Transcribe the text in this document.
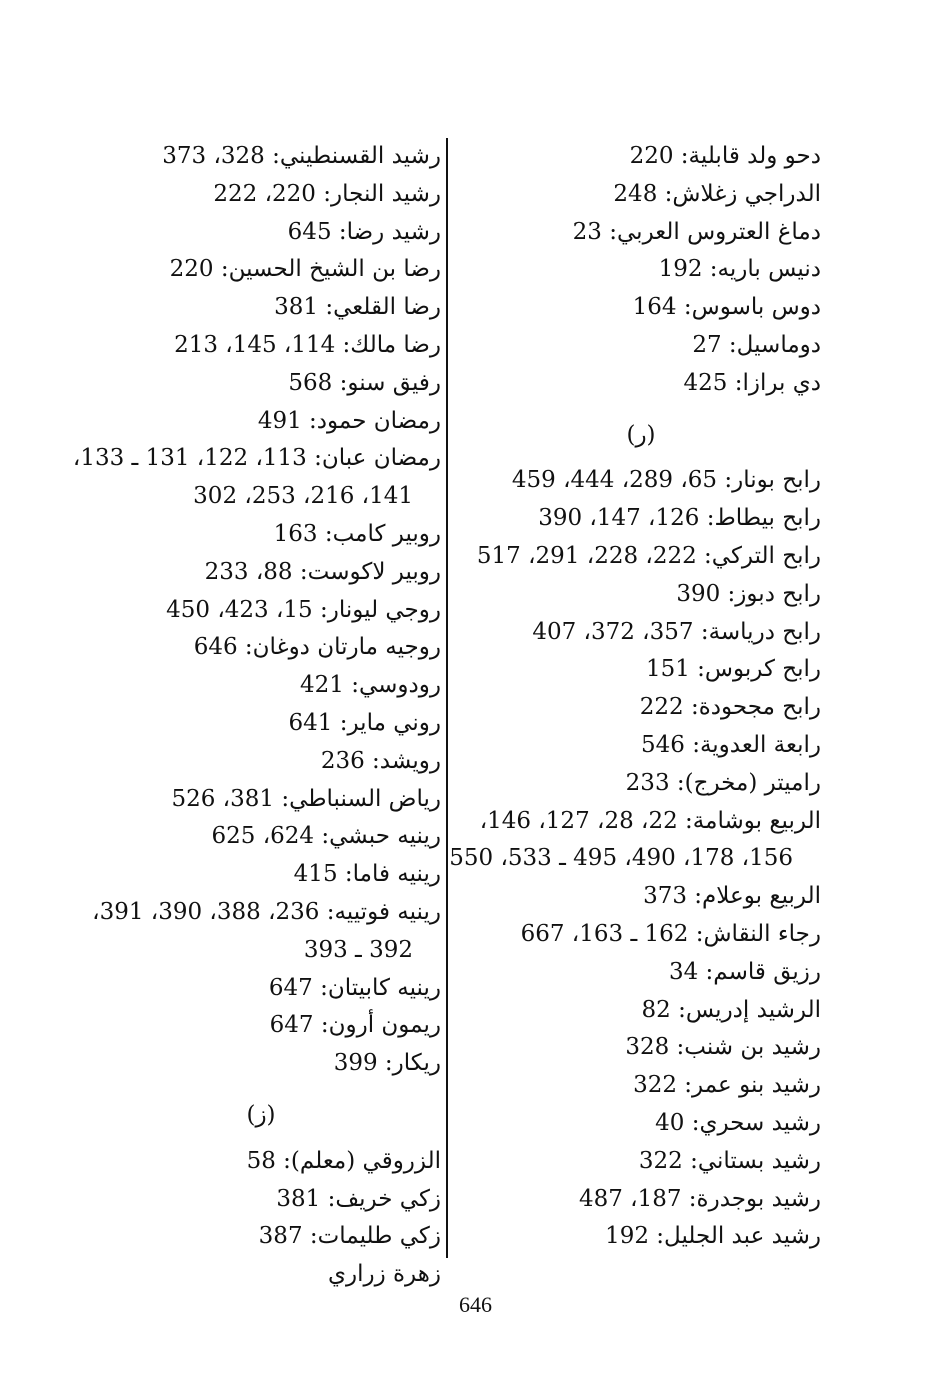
دحو ولد قابلية: 220
الدراجي زغلاش: 248
دماغ العتروس العربي: 23
دنيس باريه: 192
دوس باسوس: 164
دوماسيل: 27
دي برازا: 425
(ر)
رابح بونار: 65، 289، 444، 459
رابح بيطاط: 126، 147، 390
رابح التركي: 222، 228، 291، 517
رابح دبوز: 390
رابح درياسة: 357، 372، 407
رابح كربوس: 151
رابح مجحودة: 222
رابعة العدوية: 546
راميتر (مخرج): 233
الربيع بوشامة: 22، 28، 127، 146،
156، 178، 490، 495 ـ 533، 550
الربيع بوعلام: 373
رجاء النقاش: 162 ـ 163، 667
رزيق قاسم: 34
الرشيد إدريس: 82
رشيد بن شنب: 328
رشيد بنو عمر: 322
رشيد سحري: 40
رشيد بستاني: 322
رشيد بوجدرة: 187، 487
رشيد عبد الجليل: 192
رشيد القسنطيني: 328، 373
رشيد النجار: 220، 222
رشيد رضا: 645
رضا بن الشيخ الحسين: 220
رضا القلعي: 381
رضا مالك: 114، 145، 213
رفيق سنو: 568
رمضان حمود: 491
رمضان عبان: 113، 122، 131 ـ 133،
141، 216، 253، 302
روبير كامب: 163
روبير لاكوست: 88، 233
روجي ليونار: 15، 423، 450
روجيه مارتان دوغان: 646
رودوسي: 421
روني ماير: 641
رويشد: 236
رياض السنباطي: 381، 526
رينيه حبشي: 624، 625
رينيه فاما: 415
رينيه فوتييه: 236، 388، 390، 391،
392 ـ 393
رينيه كابيتان: 647
ريمون أرون: 647
ريكار: 399
(ز)
الزروقي (معلم): 58
زكي خريف: 381
زكي طليمات: 387
زهرة زراري
646
